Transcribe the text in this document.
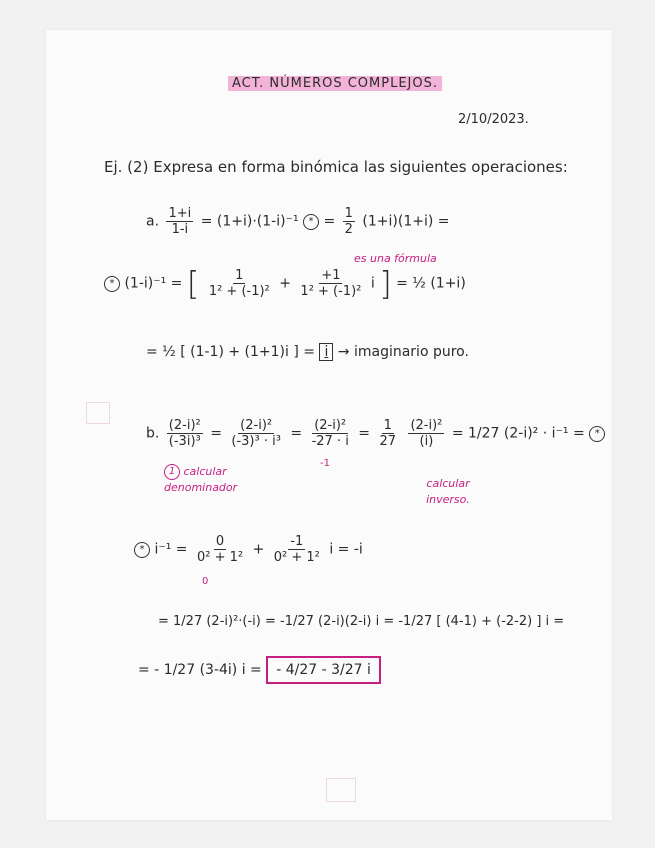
ACT. NÚMEROS COMPLEJOS.
2/10/2023.
Ej. (2) Expresa en forma binómica las siguientes operaciones:
a. $\frac{1+i}{1-i} = (1+i)\cdot(1-i)^{-1}$ * = $\frac{1}{2} (1+i)(1+i)$ =
es una fórmula
* (1-i)⁻¹ = [ $\frac{1}{\text{1² + (-1)²}} + \frac{+1}{\text{1² + (-1)²}}$ i ] = ½ (1+i)
= ½ [ (1-1) + (1+1)i ] = i → imaginario puro.
b. $\frac{\text{(2-i)²}}{\text{(-3i)³}} = \frac{\text{(2-i)²}}{\text{(-3)³ · i³}} = \frac{\text{(2-i)²}}{-27 \cdot i} = \frac{1}{27}$
$\frac{\text{(2-i)²}}{(i)} = 1/27$ (2-i)² · i⁻¹ = *
-1
1 calcular denominador	calcular inverso.
* $i^{-1} = \frac{0}{\text{0² + 1²}} + \frac{-1}{\text{0² + 1²}}$ i = -i
0
= 1/27 (2-i)²·(-i) = -1/27 (2-i)(2-i) i = -1/27 [ (4-1) + (-2-2) ] i =
= - 1/27 (3-4i) i = - 4/27 - 3/27 i
